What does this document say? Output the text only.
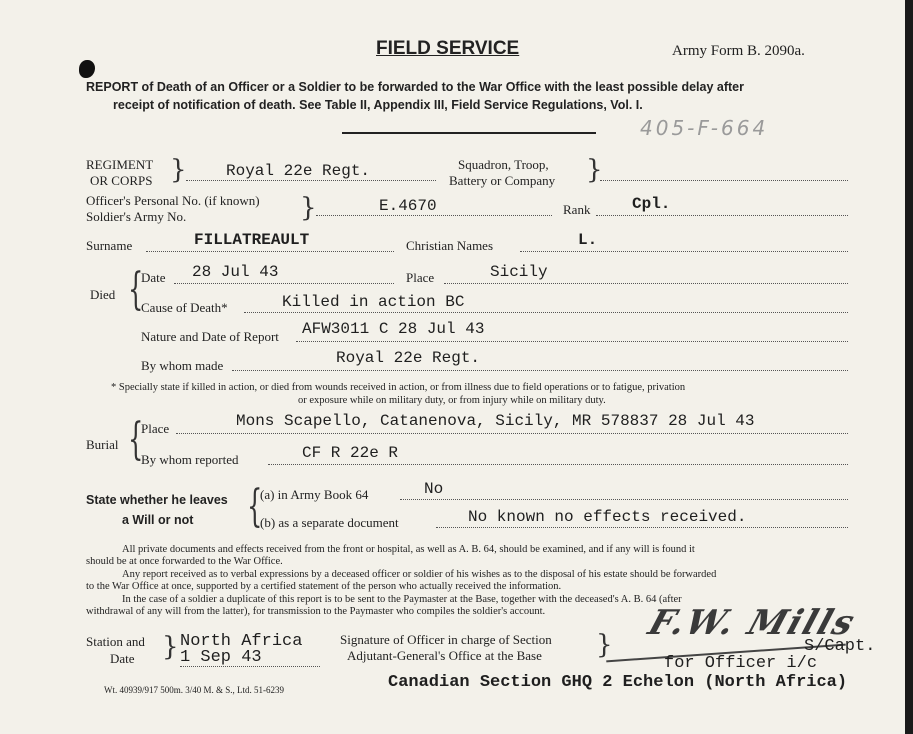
FIELD SERVICE	Army Form B. 2090a.
REPORT of Death of an Officer or a Soldier to be forwarded to the War Office with the least possible delay after
receipt of notification of death. See Table II, Appendix III, Field Service Regulations, Vol. I.
405-F-664
REGIMENT
OR CORPS } Royal 22e Regt.	Squadron, Troop,
Battery or Company }
Officer's Personal No. (if known)
Soldier's Army No.	}	E.4670	Rank	Cpl.
Surname	FILLATREAULT	Christian Names	L.
Died {
Date 28 Jul 43	Place	Sicily
Cause of Death*	Killed in action BC
Nature and Date of Report AFW3011 C 28 Jul 43
By whom made	Royal 22e Regt.
* Specially state if killed in action, or died from wounds received in action, or from illness due to field operations or to fatigue, privation
or exposure while on military duty, or from injury while on military duty.
Burial {
Place	Mons Scapello, Catanenova, Sicily, MR 578837 28 Jul 43
By whom reported	CF R 22e R
State whether he leaves
a Will or not {
(a) in Army Book 64	No
(b) as a separate document	No known no effects received.
All private documents and effects received from the front or hospital, as well as A. B. 64, should be examined, and if any will is found it
should be at once forwarded to the War Office.
Any report received as to verbal expressions by a deceased officer or soldier of his wishes as to the disposal of his estate should be forwarded
to the War Office at once, supported by a certified statement of the person who actually received the information.
In the case of a soldier a duplicate of this report is to be sent to the Paymaster at the Base, together with the deceased's A. B. 64 (after
withdrawal of any will from the latter), for transmission to the Paymaster who compiles the soldier's account.
Station and
Date } North Africa
1 Sep 43
Signature of Officer in charge of Section
Adjutant-General's Office at the Base }
F.W. Mills
S/Capt.
for Officer i/c
Canadian Section GHQ 2 Echelon (North Africa)
Wt. 40939/917 500m. 3/40 M. & S., Ltd. 51-6239
